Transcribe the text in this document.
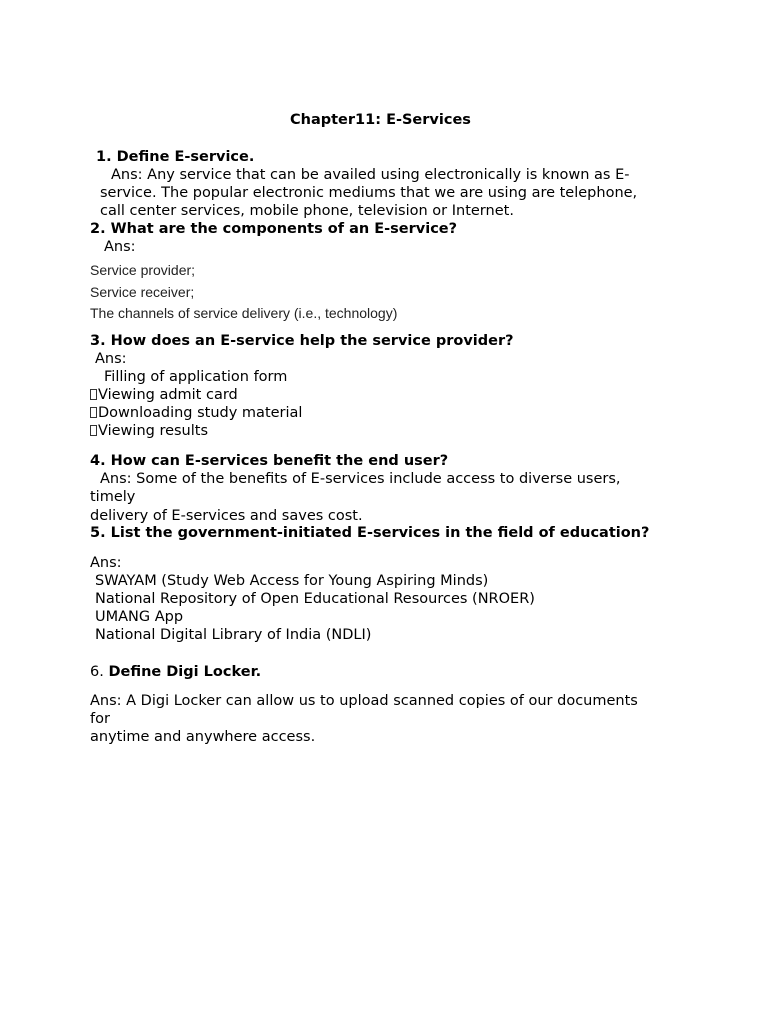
Chapter11: E-Services
1. Define E-service.
Ans: Any service that can be availed using electronically is known as E-
service. The popular electronic mediums that we are using are telephone,
call center services, mobile phone, television or Internet.
2. What are the components of an E-service?
Ans:
Service provider;
Service receiver;
The channels of service delivery (i.e., technology)
3. How does an E-service help the service provider?
Ans:
Filling of application form
Viewing admit card
Downloading study material
Viewing results
4. How can E-services benefit the end user?
Ans: Some of the benefits of E-services include access to diverse users,
timely
delivery of E-services and saves cost.
5. List the government-initiated E-services in the field of education?
Ans:
SWAYAM (Study Web Access for Young Aspiring Minds)
National Repository of Open Educational Resources (NROER)
UMANG App
National Digital Library of India (NDLI)
6. Define Digi Locker.
Ans: A Digi Locker can allow us to upload scanned copies of our documents
for
anytime and anywhere access.
